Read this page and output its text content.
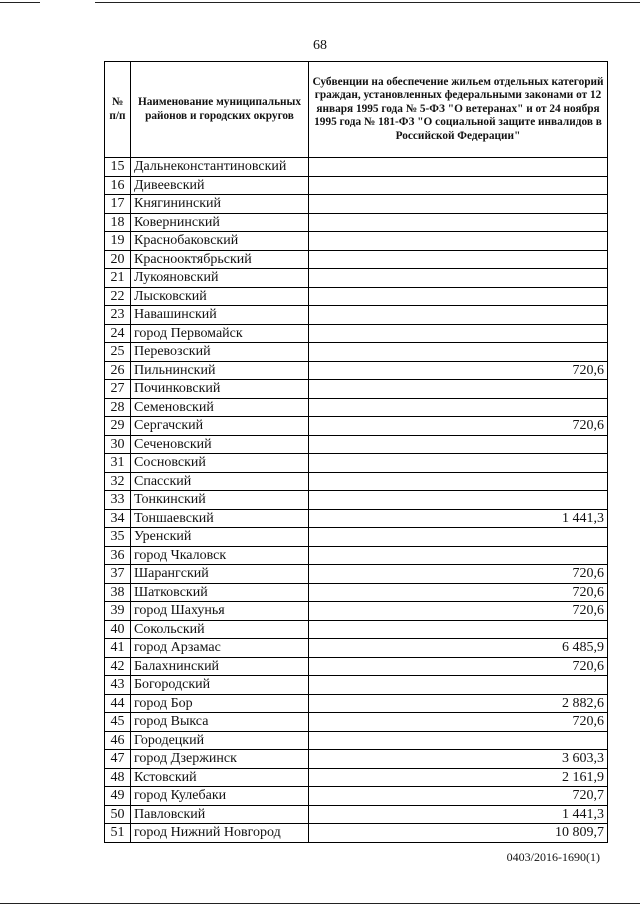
68
№ п/п	Наименование муниципальных районов и городских округов	Субвенции на обеспечение жильем отдельных категорий граждан, установленных федеральными законами от 12 января 1995 года № 5-ФЗ "О ветеранах" и от 24 ноября 1995 года № 181-ФЗ "О социальной защите инвалидов в Российской Федерации"
15	Дальнеконстантиновский	
16	Дивеевский	
17	Княгининский	
18	Ковернинский	
19	Краснобаковский	
20	Краснооктябрьский	
21	Лукояновский	
22	Лысковский	
23	Навашинский	
24	город Первомайск	
25	Перевозский	
26	Пильнинский	720,6
27	Починковский	
28	Семеновский	
29	Сергачский	720,6
30	Сеченовский	
31	Сосновский	
32	Спасский	
33	Тонкинский	
34	Тоншаевский	1 441,3
35	Уренский	
36	город Чкаловск	
37	Шарангский	720,6
38	Шатковский	720,6
39	город Шахунья	720,6
40	Сокольский	
41	город Арзамас	6 485,9
42	Балахнинский	720,6
43	Богородский	
44	город Бор	2 882,6
45	город Выкса	720,6
46	Городецкий	
47	город Дзержинск	3 603,3
48	Кстовский	2 161,9
49	город Кулебаки	720,7
50	Павловский	1 441,3
51	город Нижний Новгород	10 809,7
0403/2016-1690(1)
